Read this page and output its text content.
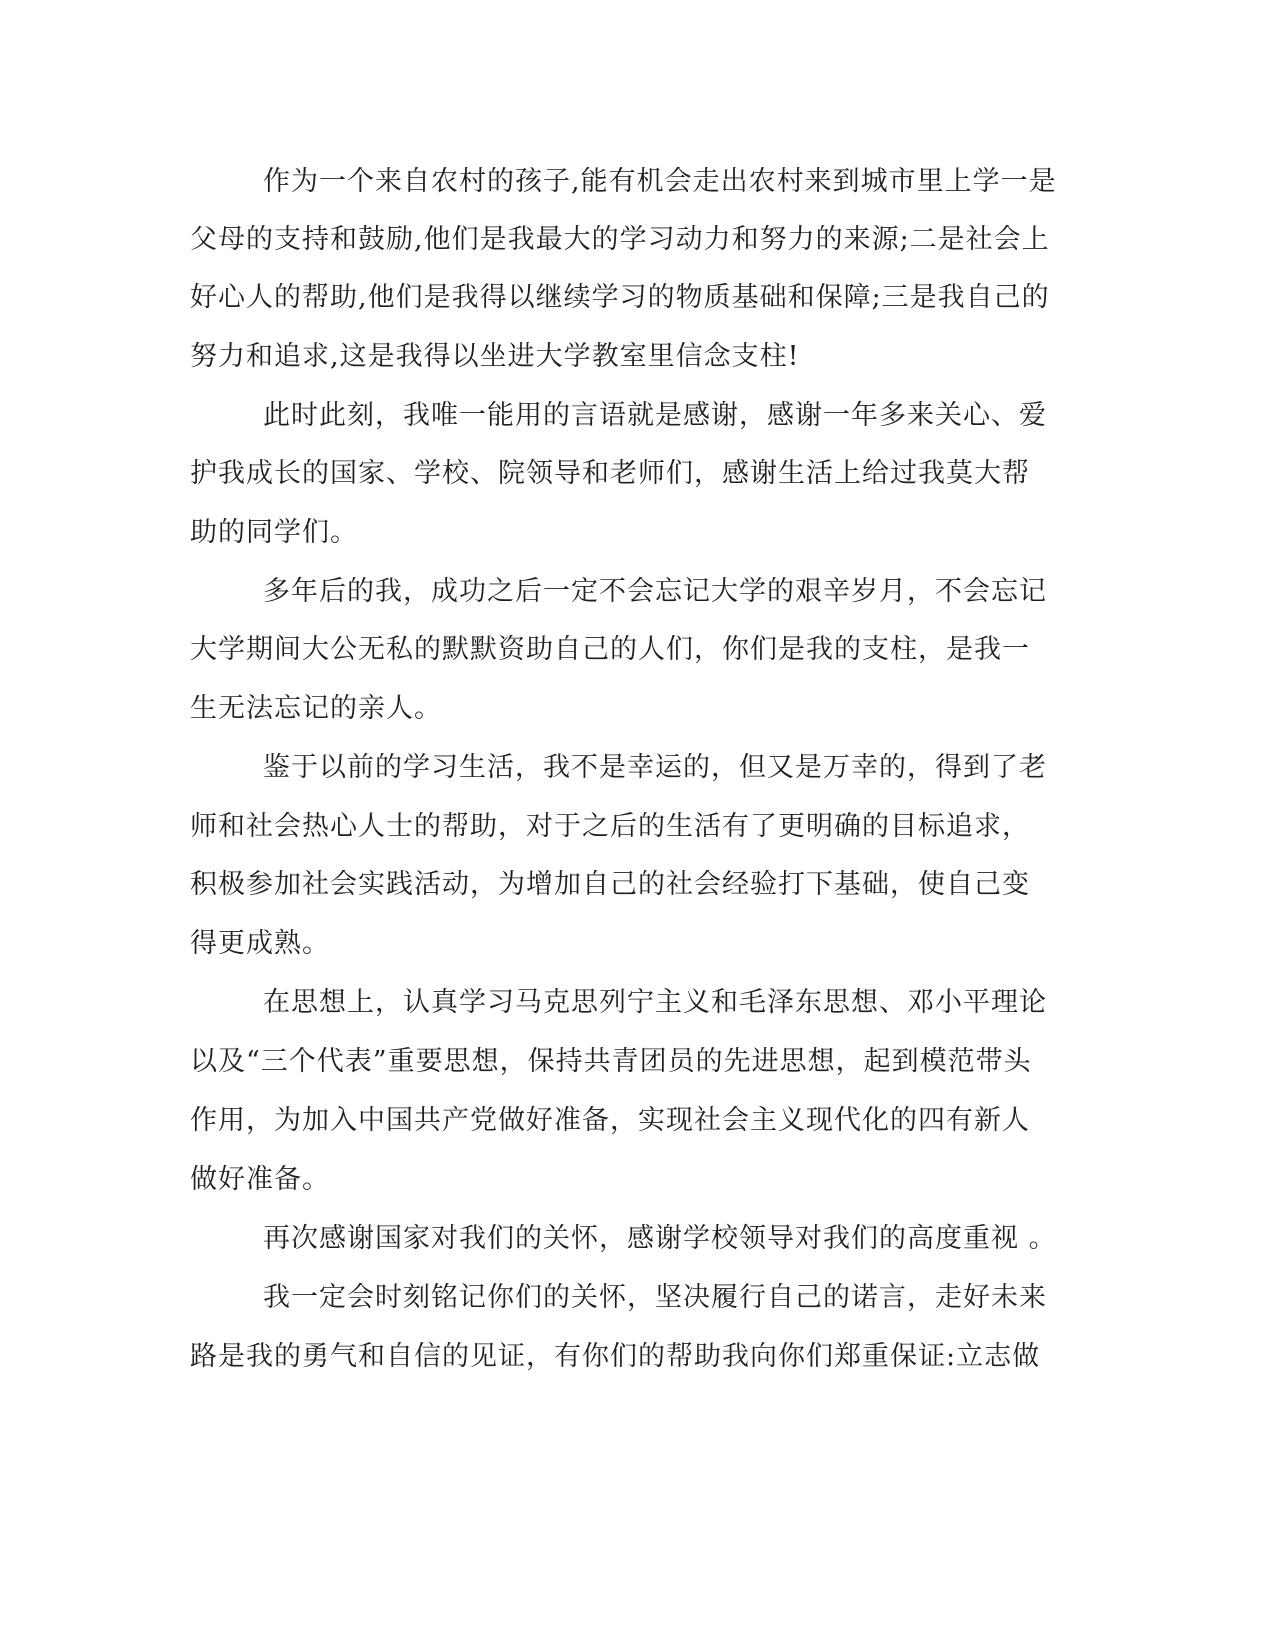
作为一个来自农村的孩子,能有机会走出农村来到城市里上学一是
父母的支持和鼓励,他们是我最大的学习动力和努力的来源;二是社会上
好心人的帮助,他们是我得以继续学习的物质基础和保障;三是我自己的
努力和追求,这是我得以坐进大学教室里信念支柱!
此时此刻，我唯一能用的言语就是感谢，感谢一年多来关心、爱
护我成长的国家、学校、院领导和老师们，感谢生活上给过我莫大帮
助的同学们。
多年后的我，成功之后一定不会忘记大学的艰辛岁月，不会忘记
大学期间大公无私的默默资助自己的人们，你们是我的支柱，是我一
生无法忘记的亲人。
鉴于以前的学习生活，我不是幸运的，但又是万幸的，得到了老
师和社会热心人士的帮助，对于之后的生活有了更明确的目标追求，
积极参加社会实践活动，为增加自己的社会经验打下基础，使自己变
得更成熟。
在思想上，认真学习马克思列宁主义和毛泽东思想、邓小平理论
以及“三个代表”重要思想，保持共青团员的先进思想，起到模范带头
作用，为加入中国共产党做好准备，实现社会主义现代化的四有新人
做好准备。
再次感谢国家对我们的关怀，感谢学校领导对我们的高度重视 。
我一定会时刻铭记你们的关怀，坚决履行自己的诺言，走好未来
路是我的勇气和自信的见证，有你们的帮助我向你们郑重保证:立志做
